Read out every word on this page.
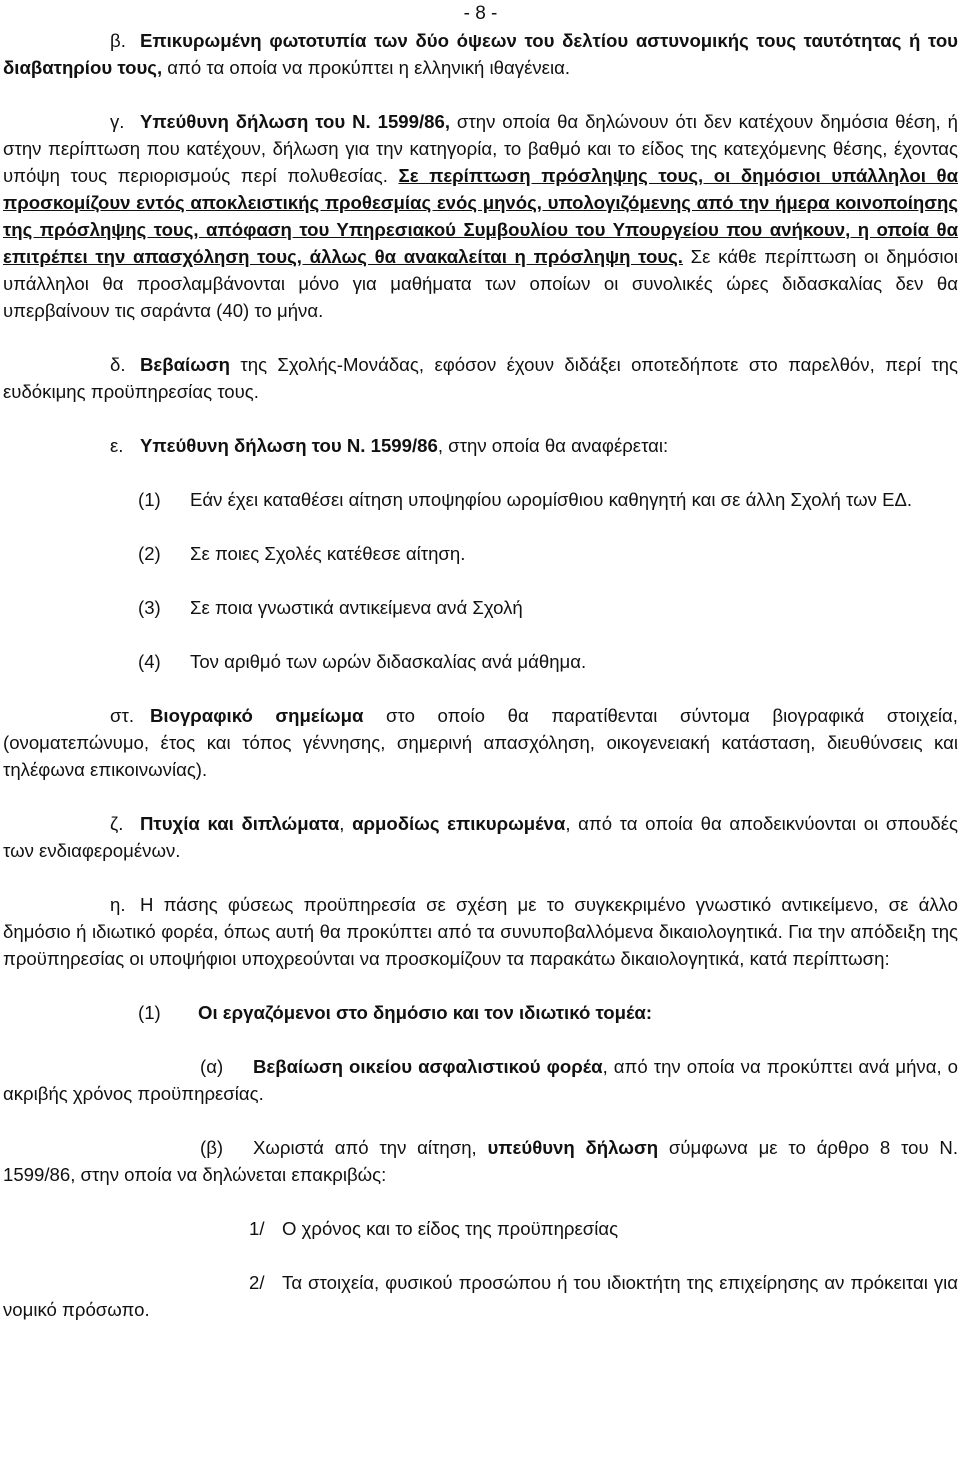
- 8 -

β. Επικυρωμένη φωτοτυπία των δύο όψεων του δελτίου αστυνομικής τους ταυτότητας ή του διαβατηρίου τους, από τα οποία να προκύπτει η ελληνική ιθαγένεια.

γ. Υπεύθυνη δήλωση του Ν. 1599/86, στην οποία θα δηλώνουν ότι δεν κατέχουν δημόσια θέση, ή στην περίπτωση που κατέχουν, δήλωση για την κατηγορία, το βαθμό και το είδος της κατεχόμενης θέσης, έχοντας υπόψη τους περιορισμούς περί πολυθεσίας. Σε περίπτωση πρόσληψης τους, οι δημόσιοι υπάλληλοι θα προσκομίζουν εντός αποκλειστικής προθεσμίας ενός μηνός, υπολογιζόμενης από την ήμερα κοινοποίησης της πρόσληψης τους, απόφαση του Υπηρεσιακού Συμβουλίου του Υπουργείου που ανήκουν, η οποία θα επιτρέπει την απασχόληση τους, άλλως θα ανακαλείται η πρόσληψη τους. Σε κάθε περίπτωση οι δημόσιοι υπάλληλοι θα προσλαμβάνονται μόνο για μαθήματα των οποίων οι συνολικές ώρες διδασκαλίας δεν θα υπερβαίνουν τις σαράντα (40) το μήνα.

δ. Βεβαίωση της Σχολής-Μονάδας, εφόσον έχουν διδάξει οποτεδήποτε στο παρελθόν, περί της ευδόκιμης προϋπηρεσίας τους.

ε. Υπεύθυνη δήλωση του Ν. 1599/86, στην οποία θα αναφέρεται:

(1) Εάν έχει καταθέσει αίτηση υποψηφίου ωρομίσθιου καθηγητή και σε άλλη Σχολή των ΕΔ.

(2) Σε ποιες Σχολές κατέθεσε αίτηση.

(3) Σε ποια γνωστικά αντικείμενα ανά Σχολή

(4) Τον αριθμό των ωρών διδασκαλίας ανά μάθημα.

στ. Βιογραφικό σημείωμα στο οποίο θα παρατίθενται σύντομα βιογραφικά στοιχεία, (ονοματεπώνυμο, έτος και τόπος γέννησης, σημερινή απασχόληση, οικογενειακή κατάσταση, διευθύνσεις και τηλέφωνα επικοινωνίας).

ζ. Πτυχία και διπλώματα, αρμοδίως επικυρωμένα, από τα οποία θα αποδεικνύονται οι σπουδές των ενδιαφερομένων.

η. Η πάσης φύσεως προϋπηρεσία σε σχέση με το συγκεκριμένο γνωστικό αντικείμενο, σε άλλο δημόσιο ή ιδιωτικό φορέα, όπως αυτή θα προκύπτει από τα συνυποβαλλόμενα δικαιολογητικά. Για την απόδειξη της προϋπηρεσίας οι υποψήφιοι υποχρεούνται να προσκομίζουν τα παρακάτω δικαιολογητικά, κατά περίπτωση:

(1) Οι εργαζόμενοι στο δημόσιο και τον ιδιωτικό τομέα:

(α) Βεβαίωση οικείου ασφαλιστικού φορέα, από την οποία να προκύπτει ανά μήνα, ο ακριβής χρόνος προϋπηρεσίας.

(β) Χωριστά από την αίτηση, υπεύθυνη δήλωση σύμφωνα με το άρθρο 8 του Ν. 1599/86, στην οποία να δηλώνεται επακριβώς:

1/ Ο χρόνος και το είδος της προϋπηρεσίας

2/ Τα στοιχεία, φυσικού προσώπου ή του ιδιοκτήτη της επιχείρησης αν πρόκειται για νομικό πρόσωπο.
